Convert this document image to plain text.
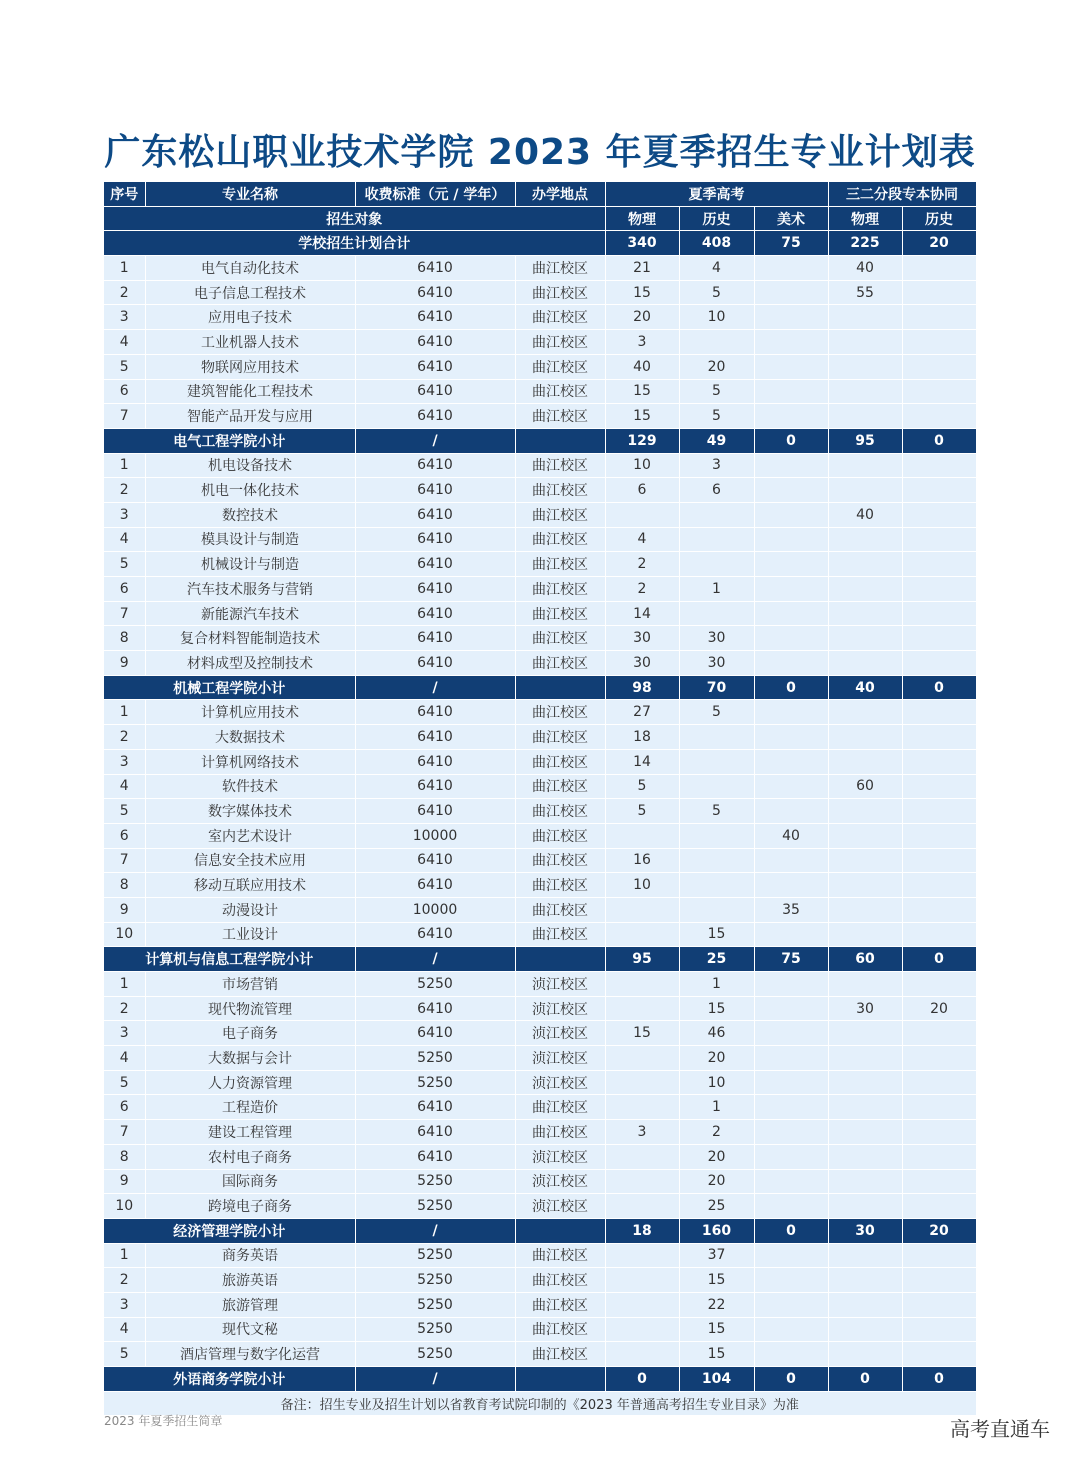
广东松山职业技术学院 2023 年夏季招生专业计划表
序号	专业名称	收费标准（元 / 学年）	办学地点	夏季高考			三二分段专本协同	
招生对象				物理	历史	美术	物理	历史
学校招生计划合计				340	408	75	225	20
1	电气自动化技术	6410	曲江校区	21	4		40	
2	电子信息工程技术	6410	曲江校区	15	5		55	
3	应用电子技术	6410	曲江校区	20	10			
4	工业机器人技术	6410	曲江校区	3				
5	物联网应用技术	6410	曲江校区	40	20			
6	建筑智能化工程技术	6410	曲江校区	15	5			
7	智能产品开发与应用	6410	曲江校区	15	5			
电气工程学院小计		/		129	49	0	95	0
1	机电设备技术	6410	曲江校区	10	3			
2	机电一体化技术	6410	曲江校区	6	6			
3	数控技术	6410	曲江校区				40	
4	模具设计与制造	6410	曲江校区	4				
5	机械设计与制造	6410	曲江校区	2				
6	汽车技术服务与营销	6410	曲江校区	2	1			
7	新能源汽车技术	6410	曲江校区	14				
8	复合材料智能制造技术	6410	曲江校区	30	30			
9	材料成型及控制技术	6410	曲江校区	30	30			
机械工程学院小计		/		98	70	0	40	0
1	计算机应用技术	6410	曲江校区	27	5			
2	大数据技术	6410	曲江校区	18				
3	计算机网络技术	6410	曲江校区	14				
4	软件技术	6410	曲江校区	5			60	
5	数字媒体技术	6410	曲江校区	5	5			
6	室内艺术设计	10000	曲江校区			40		
7	信息安全技术应用	6410	曲江校区	16				
8	移动互联应用技术	6410	曲江校区	10				
9	动漫设计	10000	曲江校区			35		
10	工业设计	6410	曲江校区		15			
计算机与信息工程学院小计		/		95	25	75	60	0
1	市场营销	5250	浈江校区		1			
2	现代物流管理	6410	浈江校区		15		30	20
3	电子商务	6410	浈江校区	15	46			
4	大数据与会计	5250	浈江校区		20			
5	人力资源管理	5250	浈江校区		10			
6	工程造价	6410	曲江校区		1			
7	建设工程管理	6410	曲江校区	3	2			
8	农村电子商务	6410	浈江校区		20			
9	国际商务	5250	浈江校区		20			
10	跨境电子商务	5250	浈江校区		25			
经济管理学院小计		/		18	160	0	30	20
1	商务英语	5250	曲江校区		37			
2	旅游英语	5250	曲江校区		15			
3	旅游管理	5250	曲江校区		22			
4	现代文秘	5250	曲江校区		15			
5	酒店管理与数字化运营	5250	曲江校区		15			
外语商务学院小计		/		0	104	0	0	0
备注：招生专业及招生计划以省教育考试院印制的《2023 年普通高考招生专业目录》为准								
2023 年夏季招生简章	高考直通车
